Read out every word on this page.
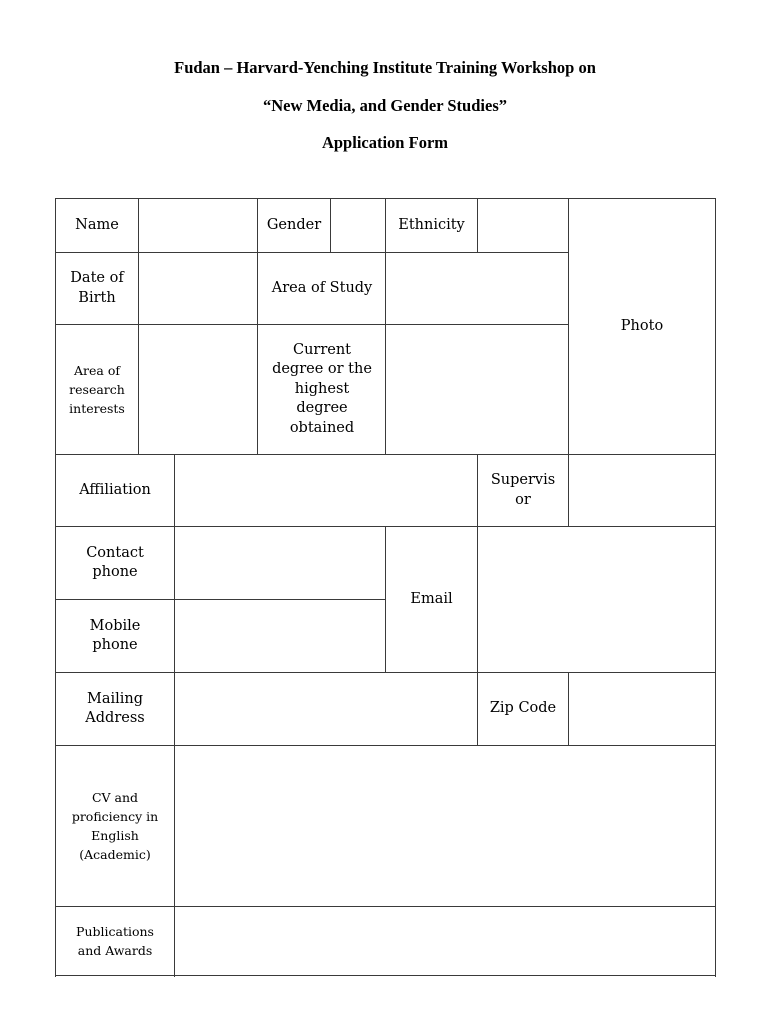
Fudan – Harvard-Yenching Institute Training Workshop on
“New Media, and Gender Studies”
Application Form
Name	Gender	Ethnicity
Photo
Date of
Birth
Area of Study
Area of
research
interests
Current
degree or the
highest
degree
obtained
Affiliation
Supervis
or
Contact
phone
Mobile
phone
Email
Mailing
Address
Zip Code
CV and
proficiency in
English
(Academic)
Publications
and Awards
